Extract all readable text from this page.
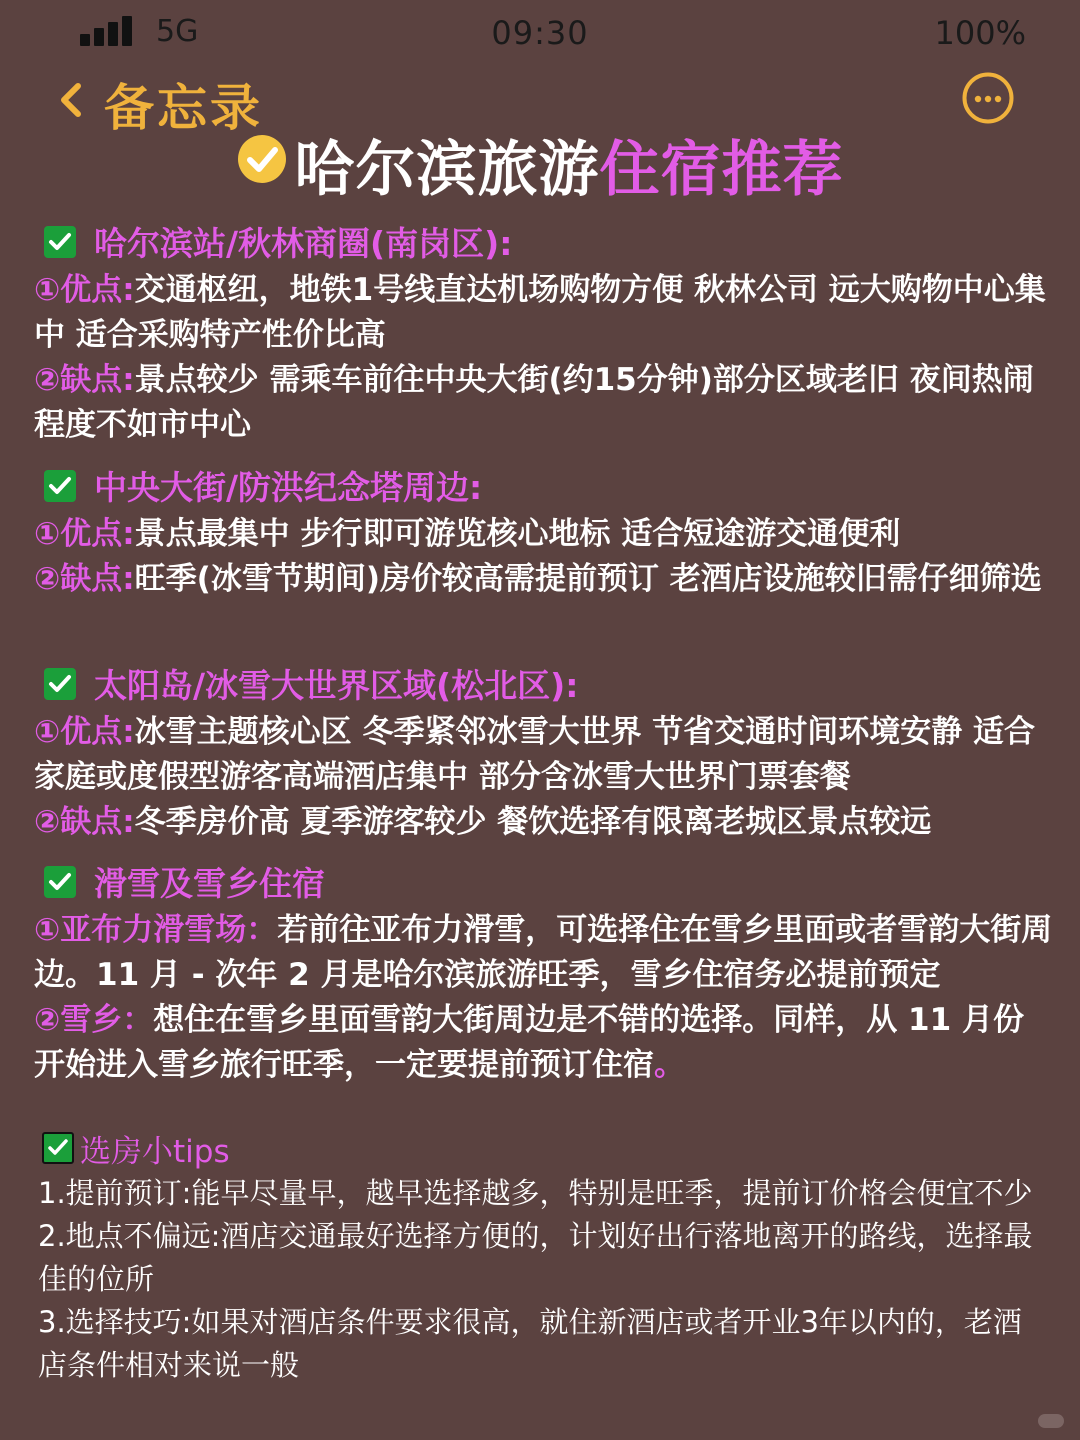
5G	09:30	100%
备忘录
哈尔滨旅游住宿推荐
哈尔滨站/秋林商圈(南岗区):
①优点:交通枢纽，地铁1号线直达机场购物方便 秋林公司 远大购物中心集中 适合采购特产性价比高
②缺点:景点较少 需乘车前往中央大街(约15分钟)部分区域老旧 夜间热闹程度不如市中心
中央大街/防洪纪念塔周边:
①优点:景点最集中 步行即可游览核心地标 适合短途游交通便利
②缺点:旺季(冰雪节期间)房价较高需提前预订 老酒店设施较旧需仔细筛选
太阳岛/冰雪大世界区域(松北区):
①优点:冰雪主题核心区 冬季紧邻冰雪大世界 节省交通时间环境安静 适合家庭或度假型游客高端酒店集中 部分含冰雪大世界门票套餐
②缺点:冬季房价高 夏季游客较少 餐饮选择有限离老城区景点较远
滑雪及雪乡住宿
①亚布力滑雪场：若前往亚布力滑雪，可选择住在雪乡里面或者雪韵大街周边。11 月 - 次年 2 月是哈尔滨旅游旺季，雪乡住宿务必提前预定
②雪乡：想住在雪乡里面雪韵大街周边是不错的选择。同样，从 11 月份开始进入雪乡旅行旺季，一定要提前预订住宿。
选房小tips
1.提前预订:能早尽量早，越早选择越多，特别是旺季，提前订价格会便宜不少
2.地点不偏远:酒店交通最好选择方便的，计划好出行落地离开的路线，选择最佳的位所
3.选择技巧:如果对酒店条件要求很高，就住新酒店或者开业3年以内的，老酒店条件相对来说一般
